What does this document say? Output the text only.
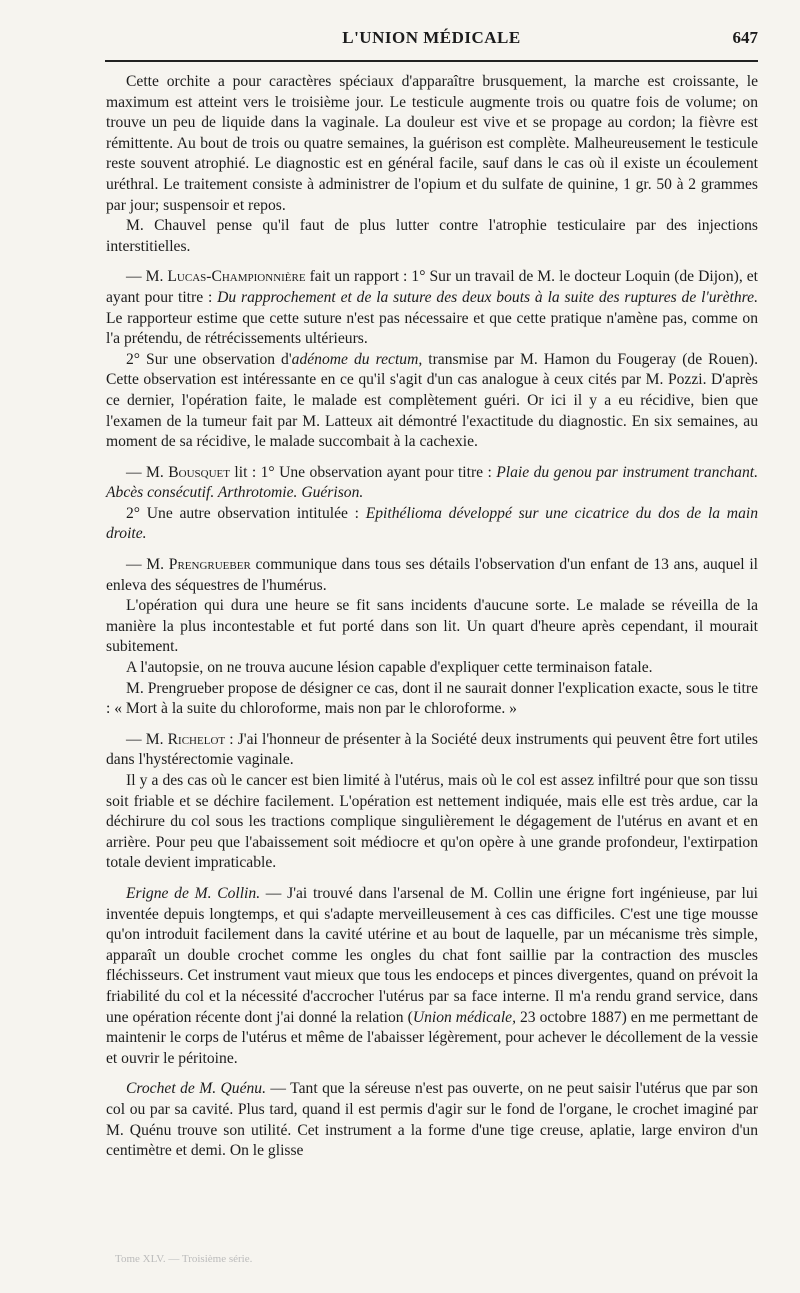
L'UNION MÉDICALE	647

Cette orchite a pour caractères spéciaux d'apparaître brusquement, la marche est croissante, le maximum est atteint vers le troisième jour. Le testicule augmente trois ou quatre fois de volume; on trouve un peu de liquide dans la vaginale. La douleur est vive et se propage au cordon; la fièvre est rémittente. Au bout de trois ou quatre semaines, la guérison est complète. Malheureusement le testicule reste souvent atrophié. Le diagnostic est en général facile, sauf dans le cas où il existe un écoulement uréthral. Le traitement consiste à administrer de l'opium et du sulfate de quinine, 1 gr. 50 à 2 grammes par jour; suspensoir et repos.

M. Chauvel pense qu'il faut de plus lutter contre l'atrophie testiculaire par des injections interstitielles.

— M. Lucas-Championnière fait un rapport : 1° Sur un travail de M. le docteur Loquin (de Dijon), et ayant pour titre : Du rapprochement et de la suture des deux bouts à la suite des ruptures de l'urèthre. Le rapporteur estime que cette suture n'est pas nécessaire et que cette pratique n'amène pas, comme on l'a prétendu, de rétrécissements ultérieurs.

2° Sur une observation d'adénome du rectum, transmise par M. Hamon du Fougeray (de Rouen). Cette observation est intéressante en ce qu'il s'agit d'un cas analogue à ceux cités par M. Pozzi. D'après ce dernier, l'opération faite, le malade est complètement guéri. Or ici il y a eu récidive, bien que l'examen de la tumeur fait par M. Latteux ait démontré l'exactitude du diagnostic. En six semaines, au moment de sa récidive, le malade succombait à la cachexie.

— M. Bousquet lit : 1° Une observation ayant pour titre : Plaie du genou par instrument tranchant. Abcès consécutif. Arthrotomie. Guérison.

2° Une autre observation intitulée : Epithélioma développé sur une cicatrice du dos de la main droite.

— M. Prengrueber communique dans tous ses détails l'observation d'un enfant de 13 ans, auquel il enleva des séquestres de l'humérus.

L'opération qui dura une heure se fit sans incidents d'aucune sorte. Le malade se réveilla de la manière la plus incontestable et fut porté dans son lit. Un quart d'heure après cependant, il mourait subitement.

A l'autopsie, on ne trouva aucune lésion capable d'expliquer cette terminaison fatale.

M. Prengrueber propose de désigner ce cas, dont il ne saurait donner l'explication exacte, sous le titre : « Mort à la suite du chloroforme, mais non par le chloroforme. »

— M. Richelot : J'ai l'honneur de présenter à la Société deux instruments qui peuvent être fort utiles dans l'hystérectomie vaginale.

Il y a des cas où le cancer est bien limité à l'utérus, mais où le col est assez infiltré pour que son tissu soit friable et se déchire facilement. L'opération est nettement indiquée, mais elle est très ardue, car la déchirure du col sous les tractions complique singulièrement le dégagement de l'utérus en avant et en arrière. Pour peu que l'abaissement soit médiocre et qu'on opère à une grande profondeur, l'extirpation totale devient impraticable.

Erigne de M. Collin. — J'ai trouvé dans l'arsenal de M. Collin une érigne fort ingénieuse, par lui inventée depuis longtemps, et qui s'adapte merveilleusement à ces cas difficiles. C'est une tige mousse qu'on introduit facilement dans la cavité utérine et au bout de laquelle, par un mécanisme très simple, apparaît un double crochet comme les ongles du chat font saillie par la contraction des muscles fléchisseurs. Cet instrument vaut mieux que tous les endoceps et pinces divergentes, quand on prévoit la friabilité du col et la nécessité d'accrocher l'utérus par sa face interne. Il m'a rendu grand service, dans une opération récente dont j'ai donné la relation (Union médicale, 23 octobre 1887) en me permettant de maintenir le corps de l'utérus et même de l'abaisser légèrement, pour achever le décollement de la vessie et ouvrir le péritoine.

Crochet de M. Quénu. — Tant que la séreuse n'est pas ouverte, on ne peut saisir l'utérus que par son col ou par sa cavité. Plus tard, quand il est permis d'agir sur le fond de l'organe, le crochet imaginé par M. Quénu trouve son utilité. Cet instrument a la forme d'une tige creuse, aplatie, large environ d'un centimètre et demi. On le glisse

Tome XLV. — Troisième série.
